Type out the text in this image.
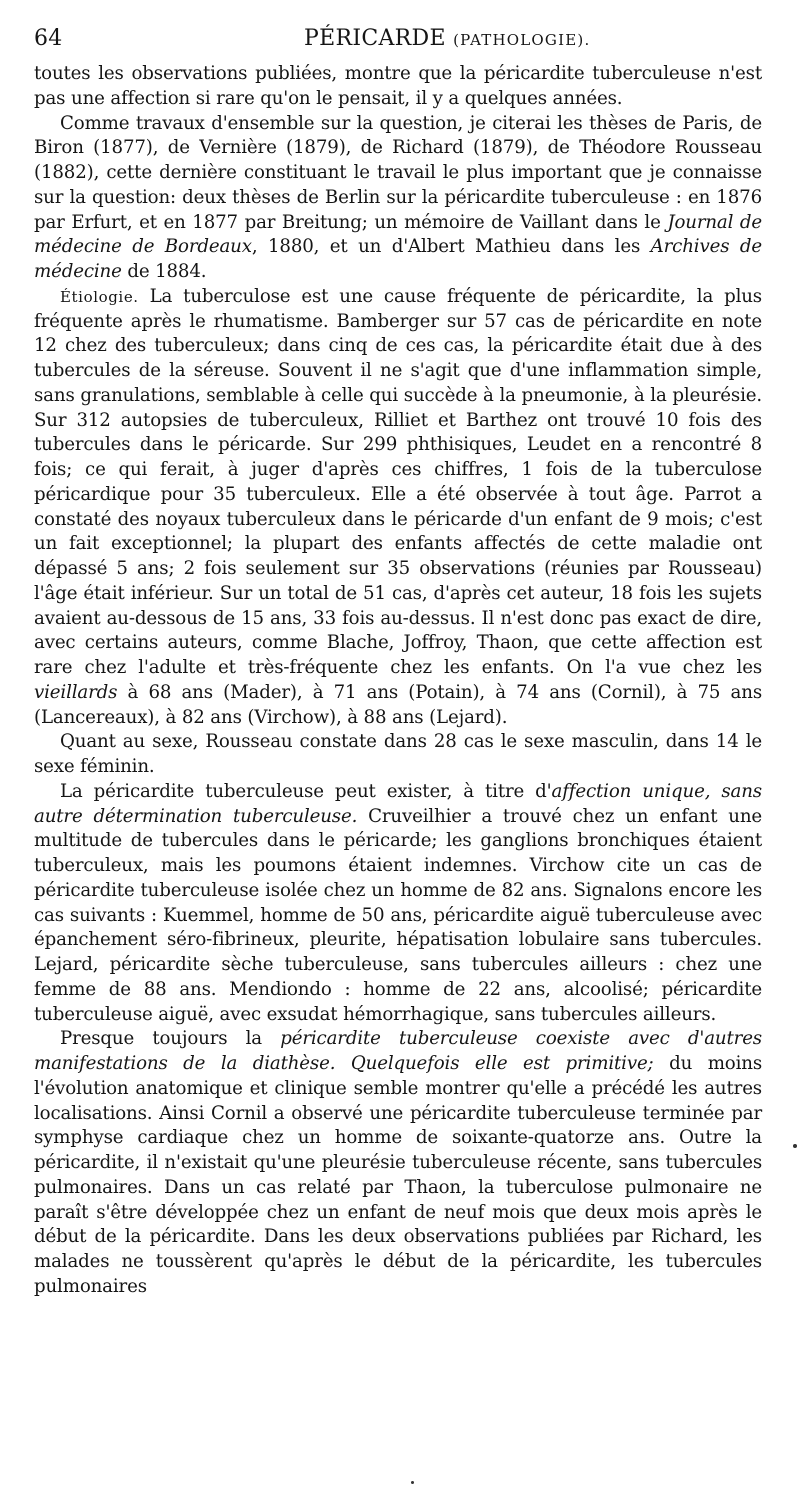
64	PÉRICARDE (PATHOLOGIE).

toutes les observations publiées, montre que la péricardite tuberculeuse n'est pas une affection si rare qu'on le pensait, il y a quelques années.

Comme travaux d'ensemble sur la question, je citerai les thèses de Paris, de Biron (1877), de Vernière (1879), de Richard (1879), de Théodore Rousseau (1882), cette dernière constituant le travail le plus important que je connaisse sur la question: deux thèses de Berlin sur la péricardite tuberculeuse : en 1876 par Erfurt, et en 1877 par Breitung; un mémoire de Vaillant dans le Journal de médecine de Bordeaux, 1880, et un d'Albert Mathieu dans les Archives de médecine de 1884.

Étiologie. La tuberculose est une cause fréquente de péricardite, la plus fréquente après le rhumatisme. Bamberger sur 57 cas de péricardite en note 12 chez des tuberculeux; dans cinq de ces cas, la péricardite était due à des tubercules de la séreuse. Souvent il ne s'agit que d'une inflammation simple, sans granulations, semblable à celle qui succède à la pneumonie, à la pleurésie. Sur 312 autopsies de tuberculeux, Rilliet et Barthez ont trouvé 10 fois des tubercules dans le péricarde. Sur 299 phthisiques, Leudet en a rencontré 8 fois; ce qui ferait, à juger d'après ces chiffres, 1 fois de la tuberculose péricardique pour 35 tuberculeux. Elle a été observée à tout âge. Parrot a constaté des noyaux tuberculeux dans le péricarde d'un enfant de 9 mois; c'est un fait exceptionnel; la plupart des enfants affectés de cette maladie ont dépassé 5 ans; 2 fois seulement sur 35 observations (réunies par Rousseau) l'âge était inférieur. Sur un total de 51 cas, d'après cet auteur, 18 fois les sujets avaient au-dessous de 15 ans, 33 fois au-dessus. Il n'est donc pas exact de dire, avec certains auteurs, comme Blache, Joffroy, Thaon, que cette affection est rare chez l'adulte et très-fréquente chez les enfants. On l'a vue chez les vieillards à 68 ans (Mader), à 71 ans (Potain), à 74 ans (Cornil), à 75 ans (Lancereaux), à 82 ans (Virchow), à 88 ans (Lejard).

Quant au sexe, Rousseau constate dans 28 cas le sexe masculin, dans 14 le sexe féminin.

La péricardite tuberculeuse peut exister, à titre d'affection unique, sans autre détermination tuberculeuse. Cruveilhier a trouvé chez un enfant une multitude de tubercules dans le péricarde; les ganglions bronchiques étaient tuberculeux, mais les poumons étaient indemnes. Virchow cite un cas de péricardite tuberculeuse isolée chez un homme de 82 ans. Signalons encore les cas suivants : Kuemmel, homme de 50 ans, péricardite aiguë tuberculeuse avec épanchement séro-fibrineux, pleurite, hépatisation lobulaire sans tubercules. Lejard, péricardite sèche tuberculeuse, sans tubercules ailleurs : chez une femme de 88 ans. Mendiondo : homme de 22 ans, alcoolisé; péricardite tuberculeuse aiguë, avec exsudat hémorrhagique, sans tubercules ailleurs.

Presque toujours la péricardite tuberculeuse coexiste avec d'autres manifestations de la diathèse. Quelquefois elle est primitive; du moins l'évolution anatomique et clinique semble montrer qu'elle a précédé les autres localisations. Ainsi Cornil a observé une péricardite tuberculeuse terminée par symphyse cardiaque chez un homme de soixante-quatorze ans. Outre la péricardite, il n'existait qu'une pleurésie tuberculeuse récente, sans tubercules pulmonaires. Dans un cas relaté par Thaon, la tuberculose pulmonaire ne paraît s'être développée chez un enfant de neuf mois que deux mois après le début de la péricardite. Dans les deux observations publiées par Richard, les malades ne toussèrent qu'après le début de la péricardite, les tubercules pulmonaires
